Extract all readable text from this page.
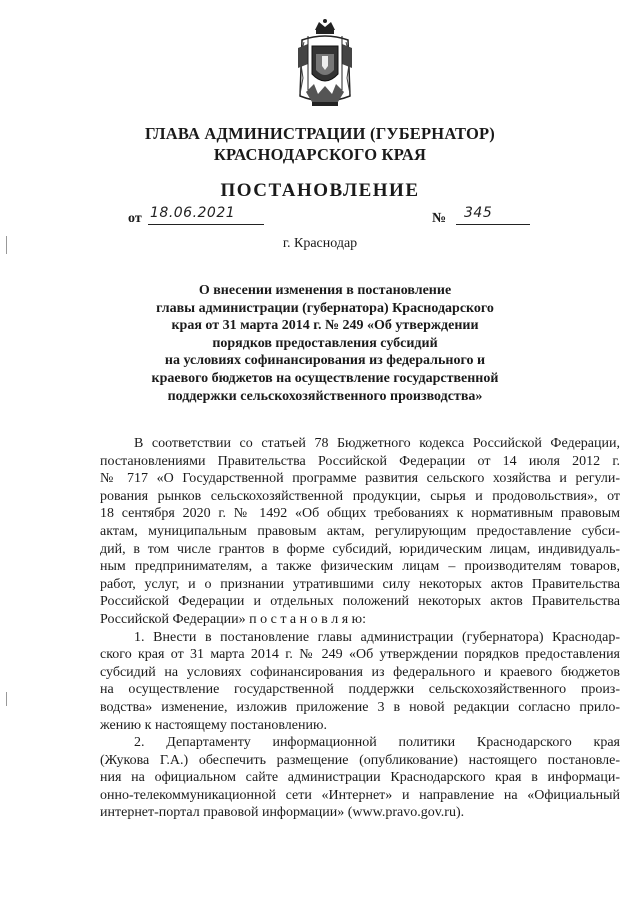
ГЛАВА АДМИНИСТРАЦИИ (ГУБЕРНАТОР)
КРАСНОДАРСКОГО КРАЯ
ПОСТАНОВЛЕНИЕ
от 18.06.2021	№ 345
г. Краснодар
О внесении изменения в постановление
главы администрации (губернатора) Краснодарского
края от 31 марта 2014 г. № 249 «Об утверждении
порядков предоставления субсидий
на условиях софинансирования из федерального и
краевого бюджетов на осуществление государственной
поддержки сельскохозяйственного производства»
В соответствии со статьей 78 Бюджетного кодекса Российской Федерации,
постановлениями Правительства Российской Федерации от 14 июля 2012 г.
№ 717 «О Государственной программе развития сельского хозяйства и регули-
рования рынков сельскохозяйственной продукции, сырья и продовольствия», от
18 сентября 2020 г. № 1492 «Об общих требованиях к нормативным правовым
актам, муниципальным правовым актам, регулирующим предоставление субси-
дий, в том числе грантов в форме субсидий, юридическим лицам, индивидуаль-
ным предпринимателям, а также физическим лицам – производителям товаров,
работ, услуг, и о признании утратившими силу некоторых актов Правительства
Российской Федерации и отдельных положений некоторых актов Правительства
Российской Федерации» п о с т а н о в л я ю:
1. Внести в постановление главы администрации (губернатора) Краснодар-
ского края от 31 марта 2014 г. № 249 «Об утверждении порядков предоставления
субсидий на условиях софинансирования из федерального и краевого бюджетов
на осуществление государственной поддержки сельскохозяйственного произ-
водства» изменение, изложив приложение 3 в новой редакции согласно прило-
жению к настоящему постановлению.
2. Департаменту информационной политики Краснодарского края
(Жукова Г.А.) обеспечить размещение (опубликование) настоящего постановле-
ния на официальном сайте администрации Краснодарского края в информаци-
онно-телекоммуникационной сети «Интернет» и направление на «Официальный
интернет-портал правовой информации» (www.pravo.gov.ru).
